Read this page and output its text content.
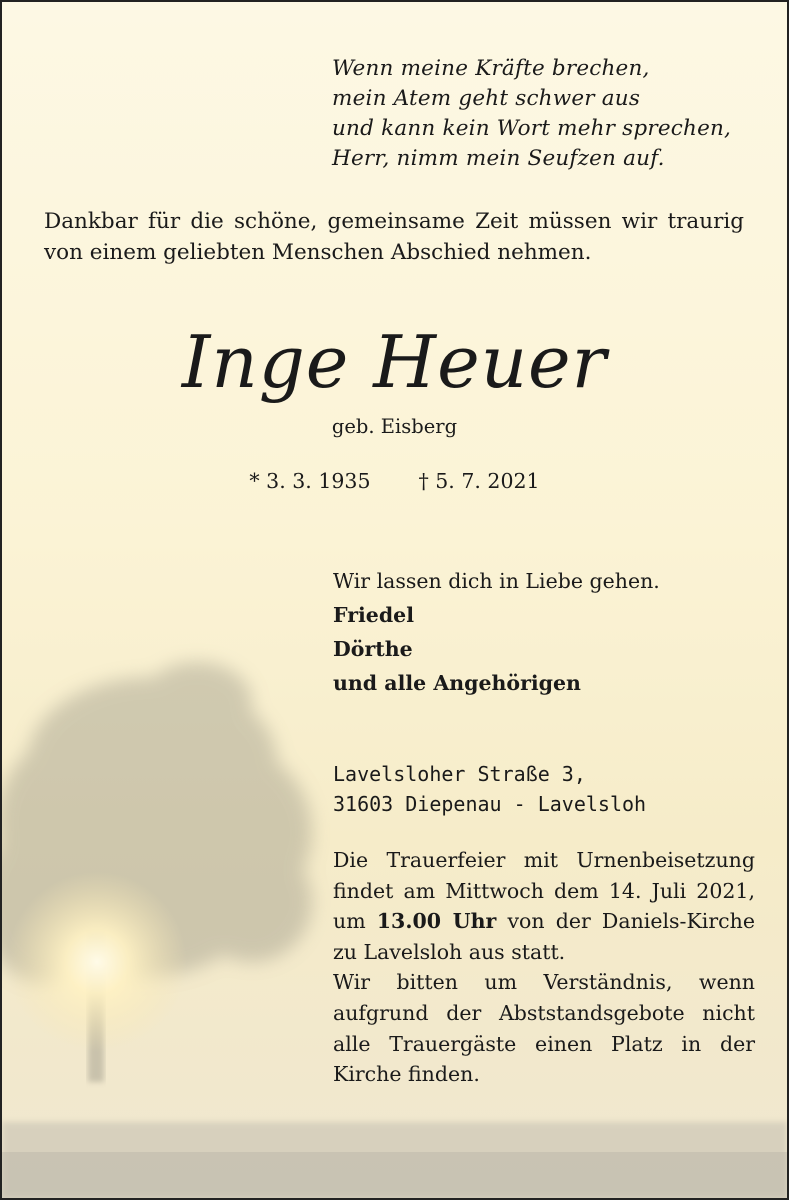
Wenn meine Kräfte brechen,
mein Atem geht schwer aus
und kann kein Wort mehr sprechen,
Herr, nimm mein Seufzen auf.
Dankbar für die schöne, gemeinsame Zeit müssen wir traurig von einem geliebten Menschen Abschied nehmen.
Inge Heuer
geb. Eisberg
* 3. 3. 1935 † 5. 7. 2021
Wir lassen dich in Liebe gehen.
Friedel
Dörthe
und alle Angehörigen
Lavelsloher Straße 3,
31603 Diepenau - Lavelsloh

Die Trauerfeier mit Urnenbeisetzung findet am Mittwoch dem 14. Juli 2021, um 13.00 Uhr von der Daniels-Kirche zu Lavelsloh aus statt.

Wir bitten um Verständnis, wenn aufgrund der Abststandsgebote nicht alle Trauergäste einen Platz in der Kirche finden.
